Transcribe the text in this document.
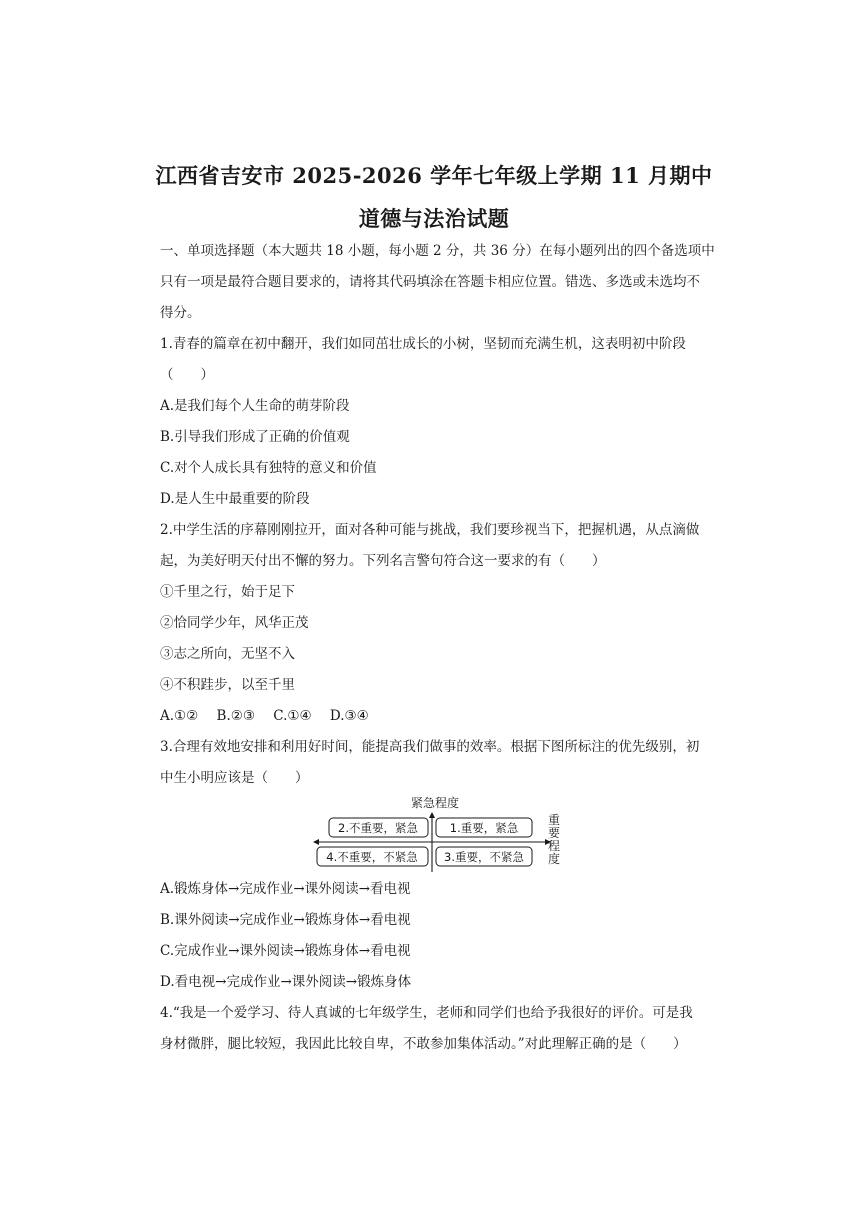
江西省吉安市 2025-2026 学年七年级上学期 11 月期中
道德与法治试题
一、单项选择题（本大题共 18 小题，每小题 2 分，共 36 分）在每小题列出的四个备选项中
只有一项是最符合题目要求的，请将其代码填涂在答题卡相应位置。错选、多选或未选均不
得分。
1.青春的篇章在初中翻开，我们如同茁壮成长的小树，坚韧而充满生机，这表明初中阶段
（　　）
A.是我们每个人生命的萌芽阶段
B.引导我们形成了正确的价值观
C.对个人成长具有独特的意义和价值
D.是人生中最重要的阶段
2.中学生活的序幕刚刚拉开，面对各种可能与挑战，我们要珍视当下，把握机遇，从点滴做
起，为美好明天付出不懈的努力。下列名言警句符合这一要求的有（　　）
①千里之行，始于足下
②恰同学少年，风华正茂
③志之所向，无坚不入
④不积跬步，以至千里
A.①② B.②③ C.①④ D.③④
3.合理有效地安排和利用好时间，能提高我们做事的效率。根据下图所标注的优先级别，初
中生小明应该是（　　）
紧急程度
2.不重要，紧急	1.重要，紧急
4.不重要，不紧急 3.重要，不紧急
重要程度
A.锻炼身体→完成作业→课外阅读→看电视
B.课外阅读→完成作业→锻炼身体→看电视
C.完成作业→课外阅读→锻炼身体→看电视
D.看电视→完成作业→课外阅读→锻炼身体
4.“我是一个爱学习、待人真诚的七年级学生，老师和同学们也给予我很好的评价。可是我
身材微胖，腿比较短，我因此比较自卑，不敢参加集体活动。”对此理解正确的是（　　）
